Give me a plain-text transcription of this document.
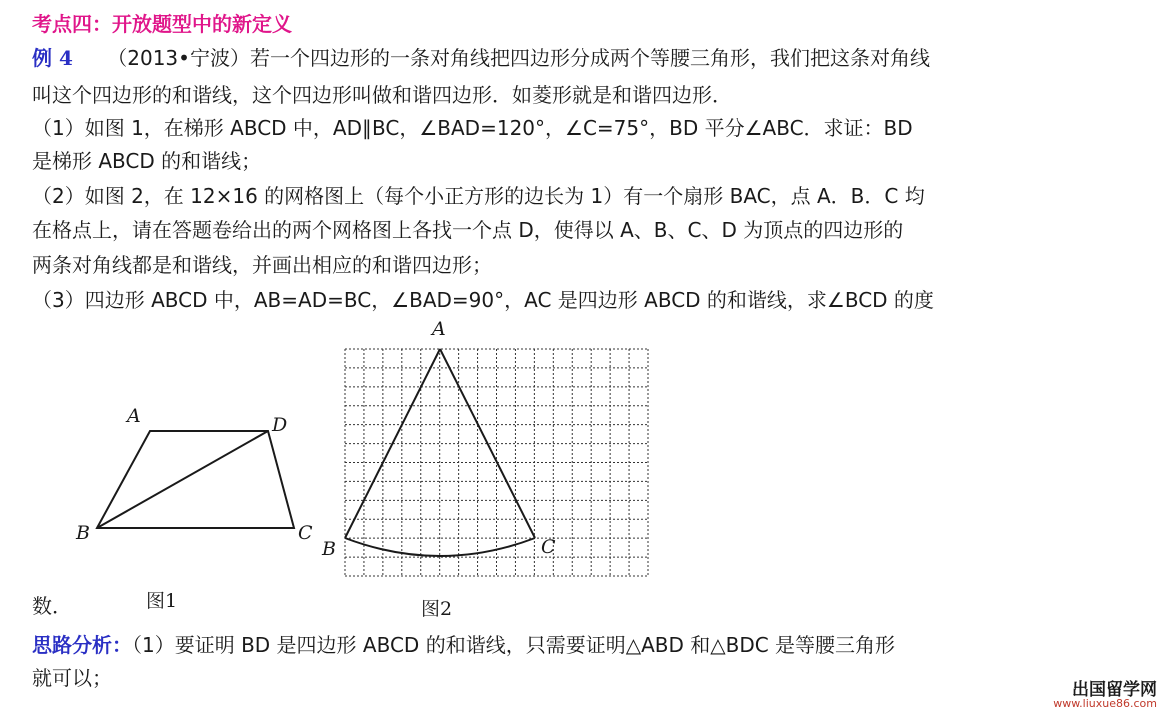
考点四：开放题型中的新定义
例 4 （2013•宁波）若一个四边形的一条对角线把四边形分成两个等腰三角形，我们把这条对角线
叫这个四边形的和谐线，这个四边形叫做和谐四边形．如菱形就是和谐四边形．
（1）如图 1，在梯形 ABCD 中，AD∥BC，∠BAD=120°，∠C=75°，BD 平分∠ABC．求证：BD
是梯形 ABCD 的和谐线；
（2）如图 2，在 12×16 的网格图上（每个小正方形的边长为 1）有一个扇形 BAC，点 A．B．C 均
在格点上，请在答题卷给出的两个网格图上各找一个点 D，使得以 A、B、C、D 为顶点的四边形的
两条对角线都是和谐线，并画出相应的和谐四边形；
（3）四边形 ABCD 中，AB=AD=BC，∠BAD=90°，AC 是四边形 ABCD 的和谐线，求∠BCD 的度
数．
A	D
B	C
图1
A
B	C
图2
思路分析：（1）要证明 BD 是四边形 ABCD 的和谐线，只需要证明△ABD 和△BDC 是等腰三角形
就可以；	出国留学网
www.liuxue86.com
